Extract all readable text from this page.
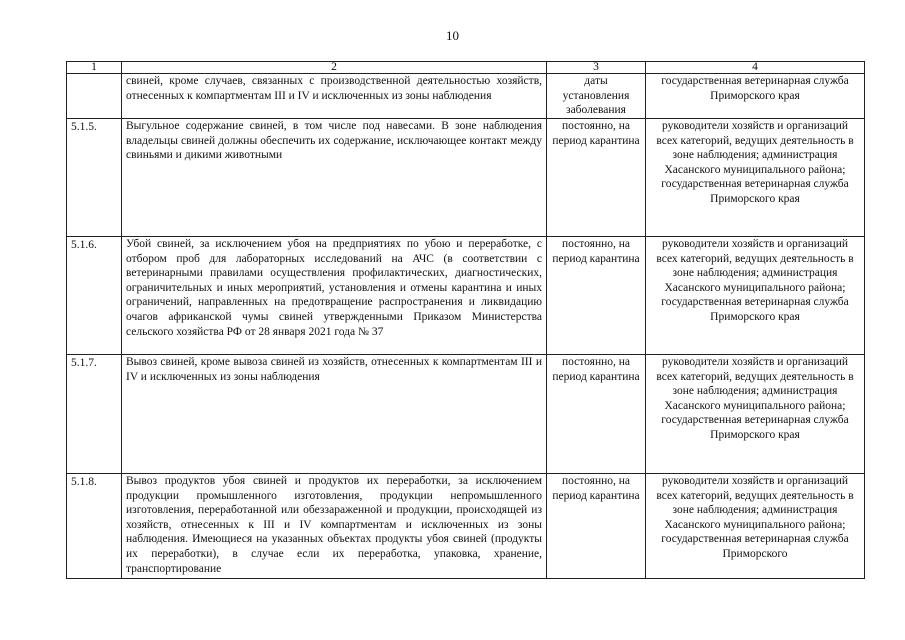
10
1	2	3	4

	свиней, кроме случаев, связанных с производственной деятельностью хозяйств, отнесенных к компартментам III и IV и исключенных из зоны наблюдения	даты установления заболевания	государственная ветеринарная служба Приморского края

5.1.5.	Выгульное содержание свиней, в том числе под навесами. В зоне наблюдения владельцы свиней должны обеспечить их содержание, исключающее контакт между свиньями и дикими животными	постоянно, на период карантина	руководители хозяйств и организаций всех категорий, ведущих деятельность в зоне наблюдения; администрация Хасанского муниципального района; государственная ветеринарная служба Приморского края

5.1.6.	Убой свиней, за исключением убоя на предприятиях по убою и переработке, с отбором проб для лабораторных исследований на АЧС (в соответствии с ветеринарными правилами осуществления профилактических, диагностических, ограничительных и иных мероприятий, установления и отмены карантина и иных ограничений, направленных на предотвращение распространения и ликвидацию очагов африканской чумы свиней утвержденными Приказом Министерства сельского хозяйства РФ от 28 января 2021 года № 37	постоянно, на период карантина	руководители хозяйств и организаций всех категорий, ведущих деятельность в зоне наблюдения; администрация Хасанского муниципального района; государственная ветеринарная служба Приморского края

5.1.7.	Вывоз свиней, кроме вывоза свиней из хозяйств, отнесенных к компартментам III и IV и исключенных из зоны наблюдения	постоянно, на период карантина	руководители хозяйств и организаций всех категорий, ведущих деятельность в зоне наблюдения; администрация Хасанского муниципального района; государственная ветеринарная служба Приморского края

5.1.8.	Вывоз продуктов убоя свиней и продуктов их переработки, за исключением продукции промышленного изготовления, продукции непромышленного изготовления, переработанной или обеззараженной и продукции, происходящей из хозяйств, отнесенных к III и IV компартментам и исключенных из зоны наблюдения. Имеющиеся на указанных объектах продукты убоя свиней (продукты их переработки), в случае если их переработка, упаковка, хранение, транспортирование	постоянно, на период карантина	руководители хозяйств и организаций всех категорий, ведущих деятельность в зоне наблюдения; администрация Хасанского муниципального района; государственная ветеринарная служба Приморского
